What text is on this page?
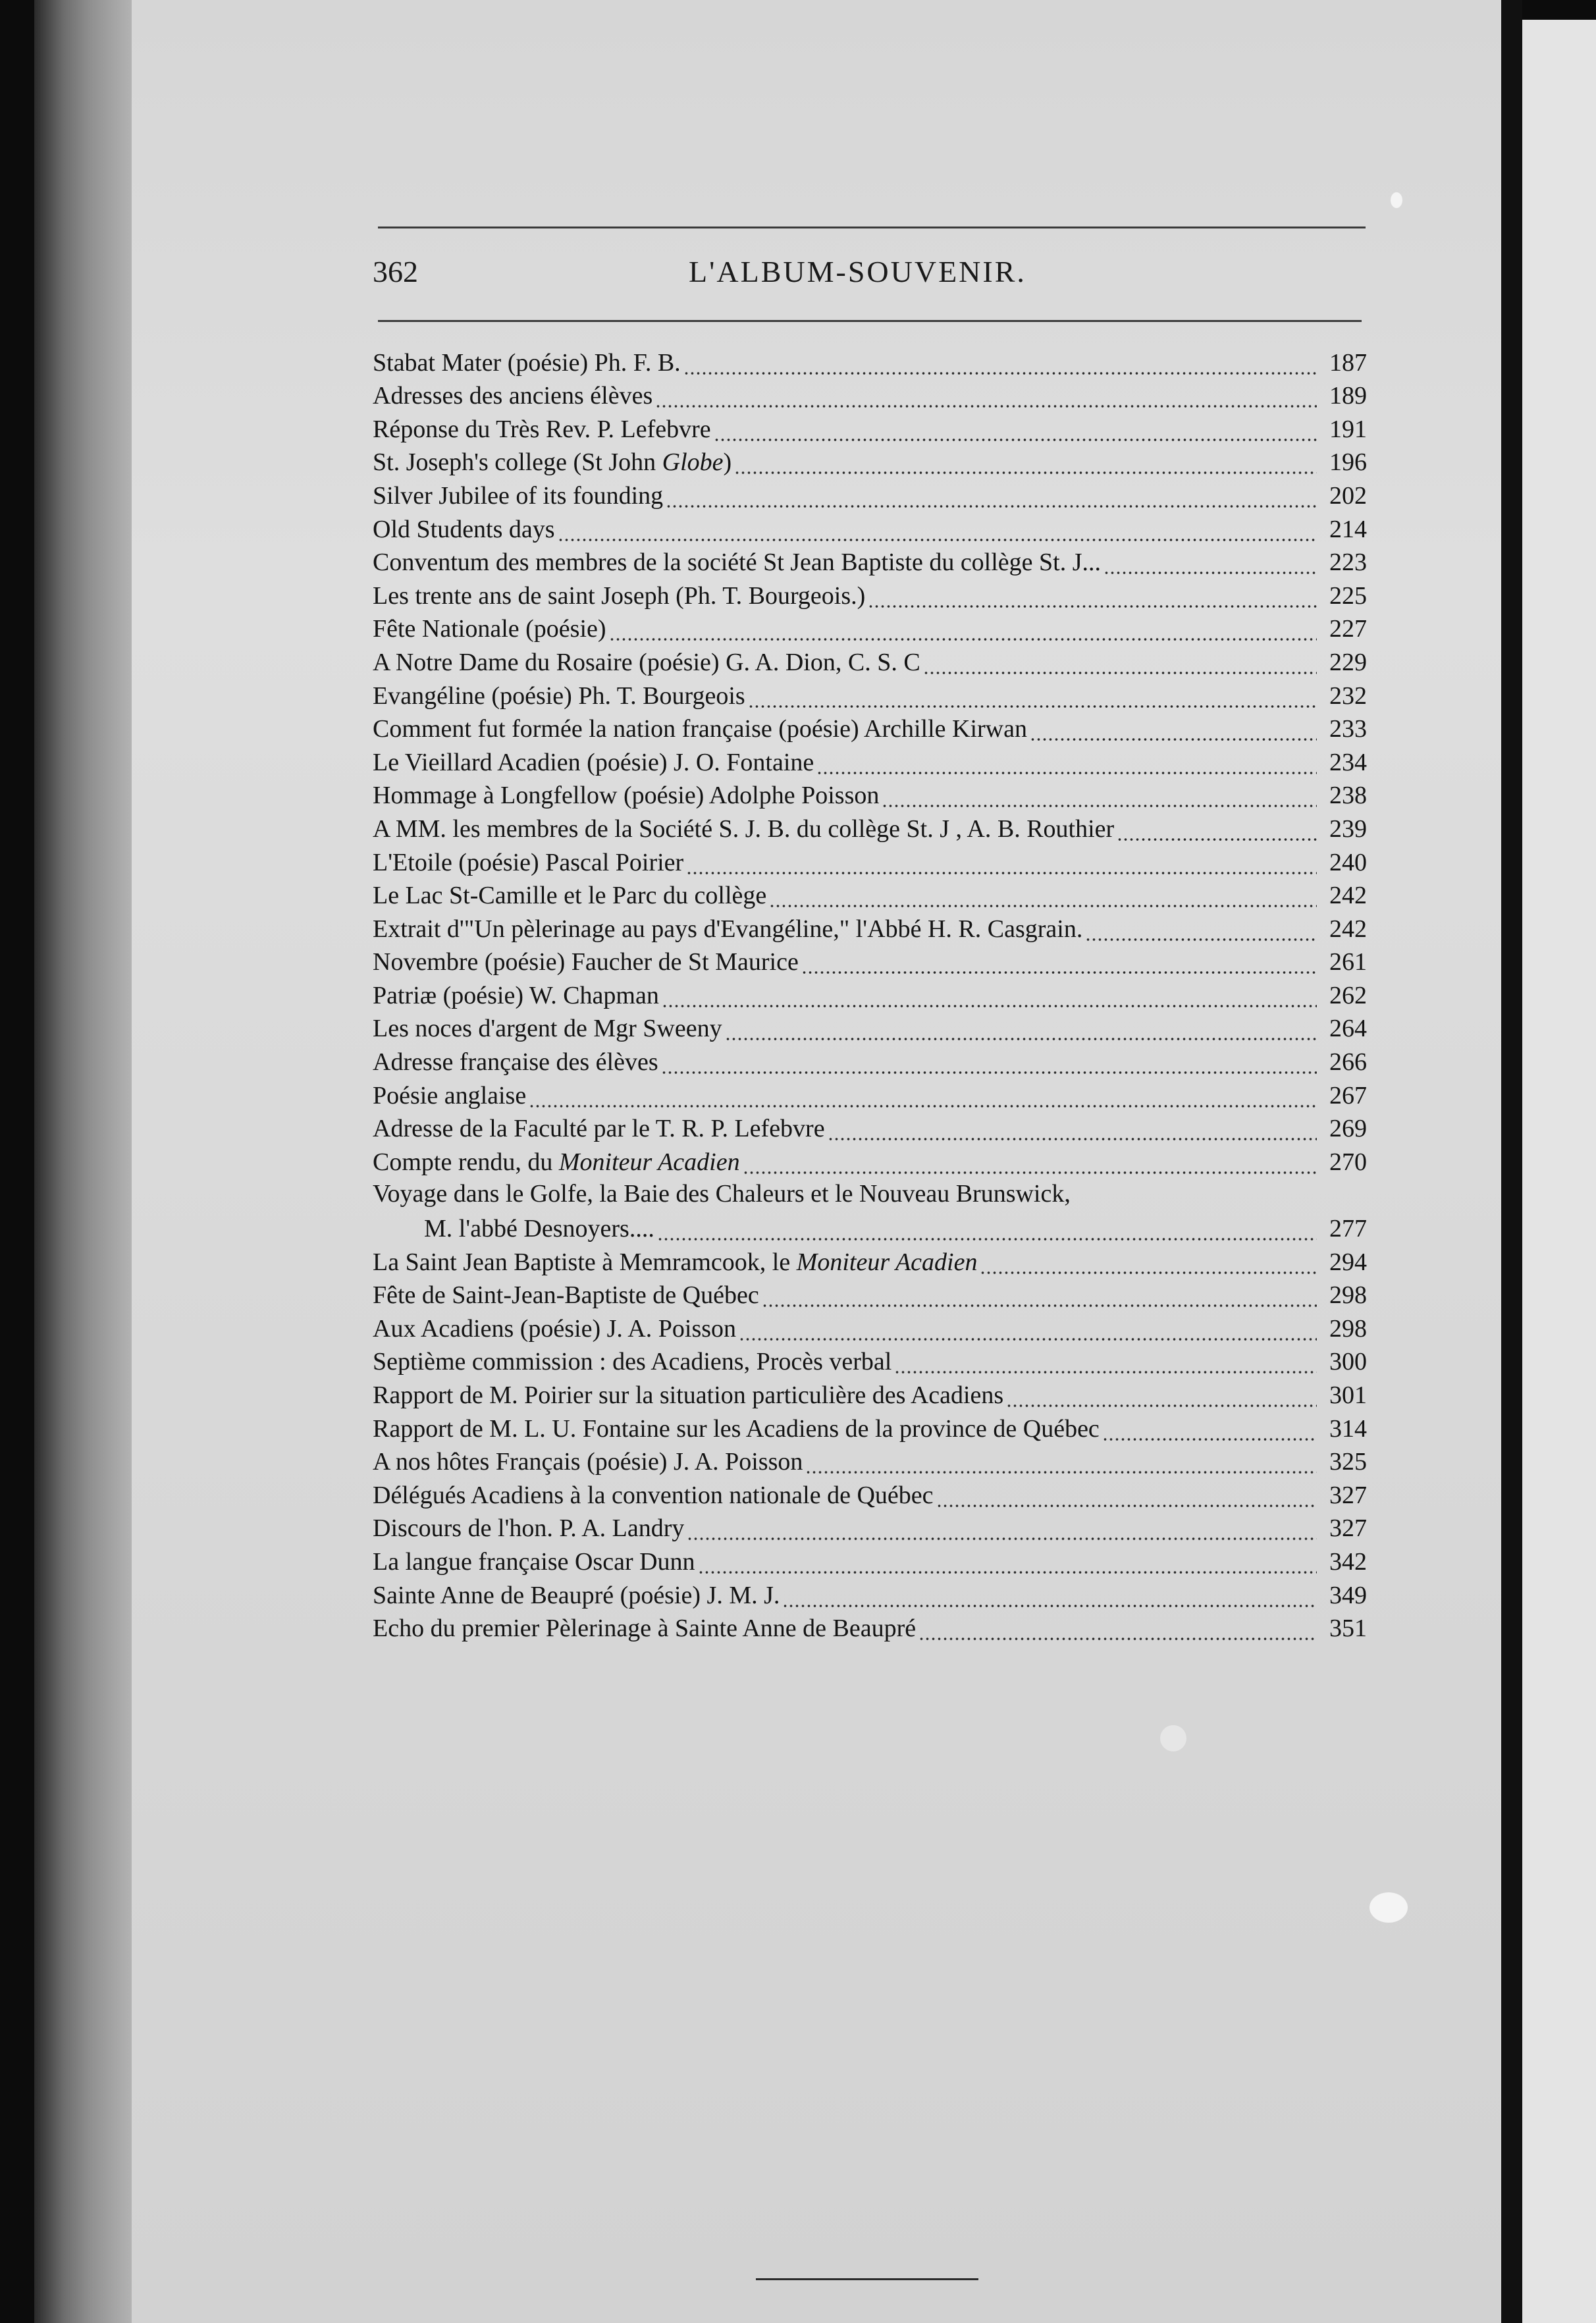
362	L'ALBUM-SOUVENIR.
Stabat Mater (poésie) Ph. F. B.	187
Adresses des anciens élèves	189
Réponse du Très Rev. P. Lefebvre	191
St. Joseph's college (St John Globe)	196
Silver Jubilee of its founding	202
Old Students days	214
Conventum des membres de la société St Jean Baptiste du collège St. J...	223
Les trente ans de saint Joseph (Ph. T. Bourgeois.)	225
Fête Nationale (poésie)	227
A Notre Dame du Rosaire (poésie) G. A. Dion, C. S. C	229
Evangéline (poésie) Ph. T. Bourgeois	232
Comment fut formée la nation française (poésie) Archille Kirwan	233
Le Vieillard Acadien (poésie) J. O. Fontaine	234
Hommage à Longfellow (poésie) Adolphe Poisson	238
A MM. les membres de la Société S. J. B. du collège St. J , A. B. Routhier	239
L'Etoile (poésie) Pascal Poirier	240
Le Lac St-Camille et le Parc du collège	242
Extrait d'"Un pèlerinage au pays d'Evangéline," l'Abbé H. R. Casgrain.	242
Novembre (poésie) Faucher de St Maurice	261
Patriæ (poésie) W. Chapman	262
Les noces d'argent de Mgr Sweeny	264
Adresse française des élèves	266
Poésie anglaise	267
Adresse de la Faculté par le T. R. P. Lefebvre	269
Compte rendu, du Moniteur Acadien	270
Voyage dans le Golfe, la Baie des Chaleurs et le Nouveau Brunswick,
M. l'abbé Desnoyers....	277
La Saint Jean Baptiste à Memramcook, le Moniteur Acadien	294
Fête de Saint-Jean-Baptiste de Québec	298
Aux Acadiens (poésie) J. A. Poisson	298
Septième commission : des Acadiens, Procès verbal	300
Rapport de M. Poirier sur la situation particulière des Acadiens	301
Rapport de M. L. U. Fontaine sur les Acadiens de la province de Québec	314
A nos hôtes Français (poésie) J. A. Poisson	325
Délégués Acadiens à la convention nationale de Québec	327
Discours de l'hon. P. A. Landry	327
La langue française Oscar Dunn	342
Sainte Anne de Beaupré (poésie) J. M. J.	349
Echo du premier Pèlerinage à Sainte Anne de Beaupré	351
